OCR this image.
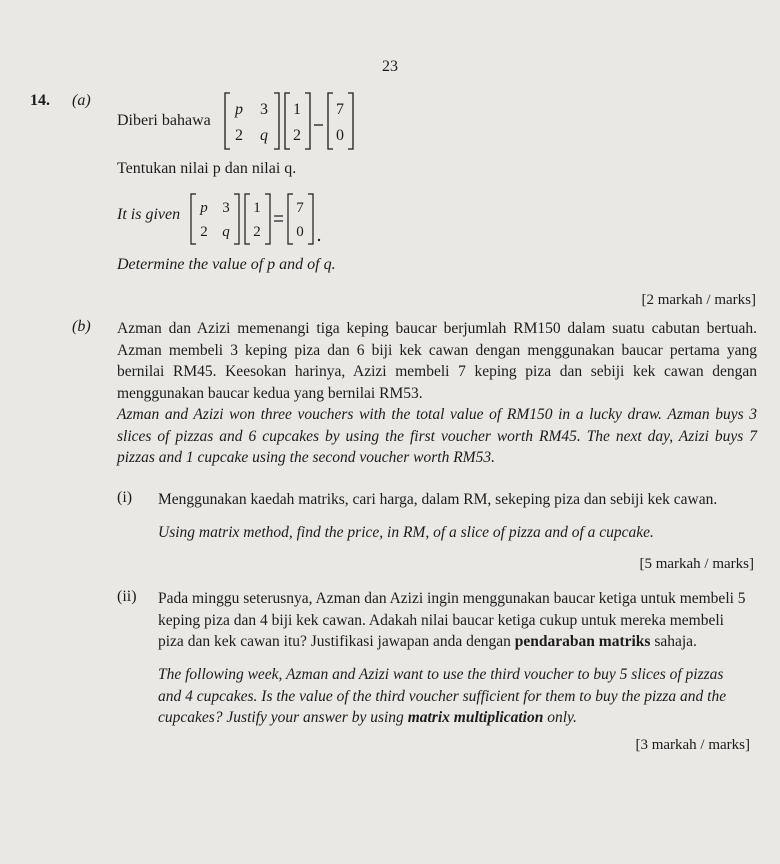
23
14. (a)
Diberi bahawa
p 3
2 q
1
2
7
0
Tentukan nilai p dan nilai q.
It is given p 3
2 q
1
2
7
0
Determine the value of p and of q.
[2 markah / marks]
(b) Azman dan Azizi memenangi tiga keping baucar berjumlah RM150 dalam suatu cabutan bertuah. Azman membeli 3 keping piza dan 6 biji kek cawan dengan menggunakan baucar pertama yang bernilai RM45. Keesokan harinya, Azizi membeli 7 keping piza dan sebiji kek cawan dengan menggunakan baucar kedua yang bernilai RM53.
Azman and Azizi won three vouchers with the total value of RM150 in a lucky draw. Azman buys 3 slices of pizzas and 6 cupcakes by using the first voucher worth RM45. The next day, Azizi buys 7 pizzas and 1 cupcake using the second voucher worth RM53.
(i) Menggunakan kaedah matriks, cari harga, dalam RM, sekeping piza dan sebiji kek cawan.
Using matrix method, find the price, in RM, of a slice of pizza and of a cupcake.
[5 markah / marks]
(ii) Pada minggu seterusnya, Azman dan Azizi ingin menggunakan baucar ketiga untuk membeli 5 keping piza dan 4 biji kek cawan. Adakah nilai baucar ketiga cukup untuk mereka membeli piza dan kek cawan itu? Justifikasi jawapan anda dengan pendaraban matriks sahaja.
The following week, Azman and Azizi want to use the third voucher to buy 5 slices of pizzas and 4 cupcakes. Is the value of the third voucher sufficient for them to buy the pizza and the cupcakes? Justify your answer by using matrix multiplication only.
[3 markah / marks]
